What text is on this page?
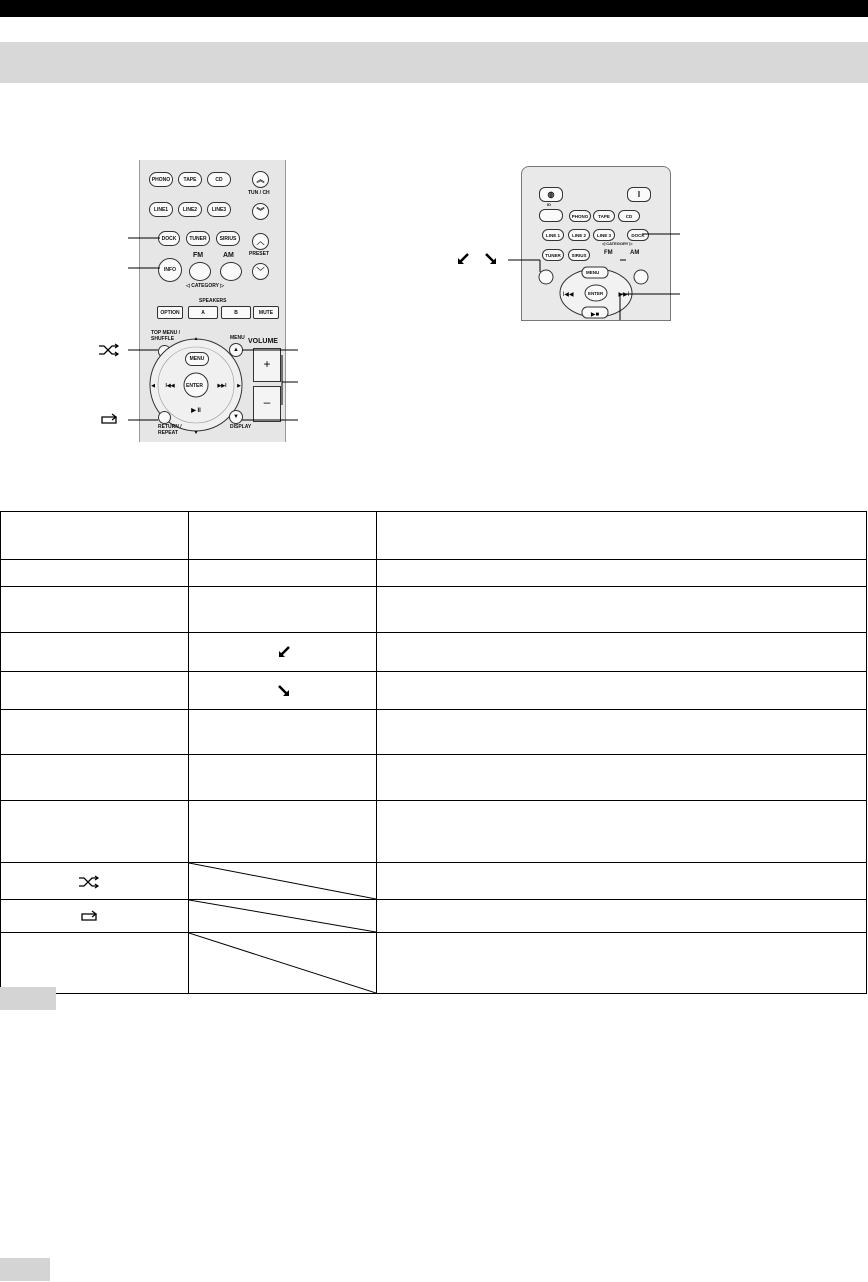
PHONO	TAPE	CD	︽
LINE1	LINE2	LINE3	︾
TUN / CH
DOCK	TUNER	SIRIUS	︿
INFO
FM	AM	PRESET
﹀
◁ CATEGORY ▷
SPEAKERS
OPTION	A	B	MUTE
TOP MENU / SHUFFLE	MENU
▲
VOLUME
+
–
▲
▼
◀	▶
I◀◀	▶▶I
▶ II
MENU
ENTER
RETURN / REPEAT
▼
DISPLAY
◍	I
ID
PHONO	TAPE	CD
LINE 1	LINE 2	LINE 3	DOCK
◁ CATEGORY ▷
TUNER	SIRIUS	FM	AM
I◀◀	▶▶I
▶■
MENU
ENTER
